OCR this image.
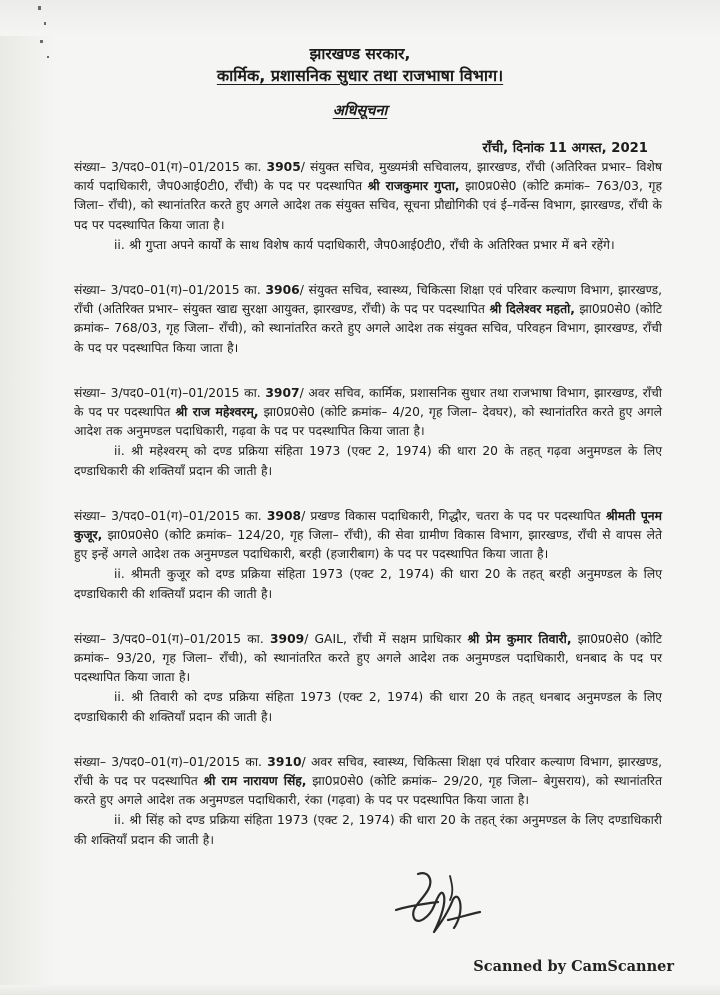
झारखण्ड सरकार,
कार्मिक, प्रशासनिक सुधार तथा राजभाषा विभाग।
अधिसूचना
राँची, दिनांक 11 अगस्त, 2021

संख्या– 3/पद0–01(ग)–01/2015 का. 3905/ संयुक्त सचिव, मुख्यमंत्री सचिवालय, झारखण्ड, राँची (अतिरिक्त प्रभार– विशेष कार्य पदाधिकारी, जैप0आई0टी0, राँची) के पद पर पदस्थापित श्री राजकुमार गुप्ता, झा0प्र0से0 (कोटि क्रमांक– 763/03, गृह जिला– राँची), को स्थानांतरित करते हुए अगले आदेश तक संयुक्त सचिव, सूचना प्रौद्योगिकी एवं ई–गर्वेन्स विभाग, झारखण्ड, राँची के पद पर पदस्थापित किया जाता है।

ii. श्री गुप्ता अपने कार्यों के साथ विशेष कार्य पदाधिकारी, जैप0आई0टी0, राँची के अतिरिक्त प्रभार में बने रहेंगे।

संख्या– 3/पद0–01(ग)–01/2015 का. 3906/ संयुक्त सचिव, स्वास्थ्य, चिकित्सा शिक्षा एवं परिवार कल्याण विभाग, झारखण्ड, राँची (अतिरिक्त प्रभार– संयुक्त खाद्य सुरक्षा आयुक्त, झारखण्ड, राँची) के पद पर पदस्थापित श्री दिलेश्वर महतो, झा0प्र0से0 (कोटि क्रमांक– 768/03, गृह जिला– राँची), को स्थानांतरित करते हुए अगले आदेश तक संयुक्त सचिव, परिवहन विभाग, झारखण्ड, राँची के पद पर पदस्थापित किया जाता है।

संख्या– 3/पद0–01(ग)–01/2015 का. 3907/ अवर सचिव, कार्मिक, प्रशासनिक सुधार तथा राजभाषा विभाग, झारखण्ड, राँची के पद पर पदस्थापित श्री राज महेश्वरम्, झा0प्र0से0 (कोटि क्रमांक– 4/20, गृह जिला– देवघर), को स्थानांतरित करते हुए अगले आदेश तक अनुमण्डल पदाधिकारी, गढ़वा के पद पर पदस्थापित किया जाता है।

ii. श्री महेश्वरम् को दण्ड प्रक्रिया संहिता 1973 (एक्ट 2, 1974) की धारा 20 के तहत् गढ़वा अनुमण्डल के लिए दण्डाधिकारी की शक्तियाँ प्रदान की जाती है।

संख्या– 3/पद0–01(ग)–01/2015 का. 3908/ प्रखण्ड विकास पदाधिकारी, गिद्धौर, चतरा के पद पर पदस्थापित श्रीमती पूनम कुजूर, झा0प्र0से0 (कोटि क्रमांक– 124/20, गृह जिला– राँची), की सेवा ग्रामीण विकास विभाग, झारखण्ड, राँची से वापस लेते हुए इन्हें अगले आदेश तक अनुमण्डल पदाधिकारी, बरही (हजारीबाग) के पद पर पदस्थापित किया जाता है।

ii. श्रीमती कुजूर को दण्ड प्रक्रिया संहिता 1973 (एक्ट 2, 1974) की धारा 20 के तहत् बरही अनुमण्डल के लिए दण्डाधिकारी की शक्तियाँ प्रदान की जाती है।

संख्या– 3/पद0–01(ग)–01/2015 का. 3909/ GAIL, राँची में सक्षम प्राधिकार श्री प्रेम कुमार तिवारी, झा0प्र0से0 (कोटि क्रमांक– 93/20, गृह जिला– राँची), को स्थानांतरित करते हुए अगले आदेश तक अनुमण्डल पदाधिकारी, धनबाद के पद पर पदस्थापित किया जाता है।

ii. श्री तिवारी को दण्ड प्रक्रिया संहिता 1973 (एक्ट 2, 1974) की धारा 20 के तहत् धनबाद अनुमण्डल के लिए दण्डाधिकारी की शक्तियाँ प्रदान की जाती है।

संख्या– 3/पद0–01(ग)–01/2015 का. 3910/ अवर सचिव, स्वास्थ्य, चिकित्सा शिक्षा एवं परिवार कल्याण विभाग, झारखण्ड, राँची के पद पर पदस्थापित श्री राम नारायण सिंह, झा0प्र0से0 (कोटि क्रमांक– 29/20, गृह जिला– बेगुसराय), को स्थानांतरित करते हुए अगले आदेश तक अनुमण्डल पदाधिकारी, रंका (गढ़वा) के पद पर पदस्थापित किया जाता है।

ii. श्री सिंह को दण्ड प्रक्रिया संहिता 1973 (एक्ट 2, 1974) की धारा 20 के तहत् रंका अनुमण्डल के लिए दण्डाधिकारी की शक्तियाँ प्रदान की जाती है।

Scanned by CamScanner
